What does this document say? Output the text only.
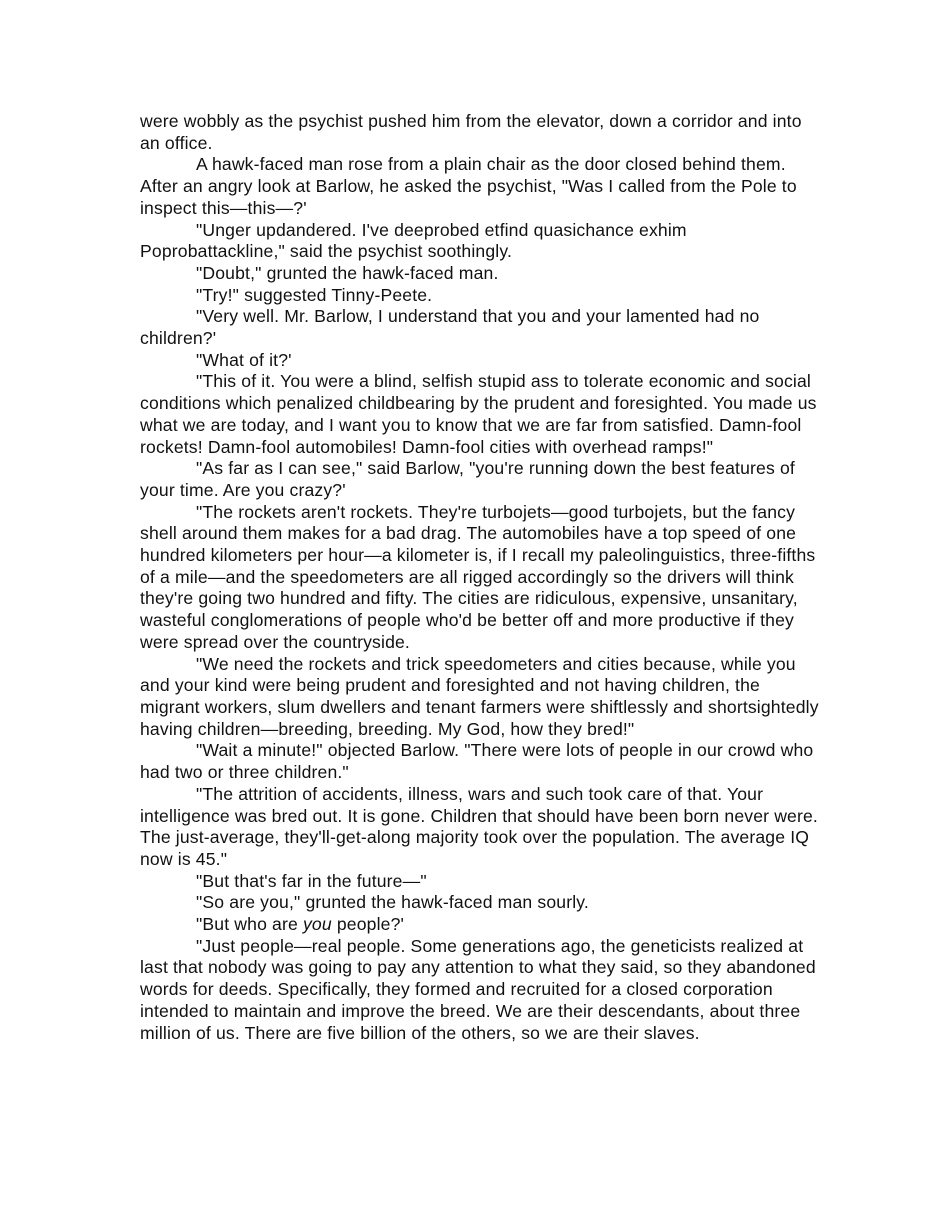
were wobbly as the psychist pushed him from the elevator, down a corridor and into an office.

A hawk-faced man rose from a plain chair as the door closed behind them. After an angry look at Barlow, he asked the psychist, "Was I called from the Pole to inspect this—this—?'

"Unger updandered. I've deeprobed etfind quasichance exhim Poprobattackline," said the psychist soothingly.

"Doubt," grunted the hawk-faced man.

"Try!" suggested Tinny-Peete.

"Very well. Mr. Barlow, I understand that you and your lamented had no children?'

"What of it?'

"This of it. You were a blind, selfish stupid ass to tolerate economic and social conditions which penalized childbearing by the prudent and foresighted. You made us what we are today, and I want you to know that we are far from satisfied. Damn-fool rockets! Damn-fool automobiles! Damn-fool cities with overhead ramps!"

"As far as I can see," said Barlow, "you're running down the best features of your time. Are you crazy?'

"The rockets aren't rockets. They're turbojets—good turbojets, but the fancy shell around them makes for a bad drag. The automobiles have a top speed of one hundred kilometers per hour—a kilometer is, if I recall my paleolinguistics, three-fifths of a mile—and the speedometers are all rigged accordingly so the drivers will think they're going two hundred and fifty. The cities are ridiculous, expensive, unsanitary, wasteful conglomerations of people who'd be better off and more productive if they were spread over the countryside.

"We need the rockets and trick speedometers and cities because, while you and your kind were being prudent and foresighted and not having children, the migrant workers, slum dwellers and tenant farmers were shiftlessly and shortsightedly having children—breeding, breeding. My God, how they bred!"

"Wait a minute!" objected Barlow. "There were lots of people in our crowd who had two or three children."

"The attrition of accidents, illness, wars and such took care of that. Your intelligence was bred out. It is gone. Children that should have been born never were. The just-average, they'll-get-along majority took over the population. The average IQ now is 45."

"But that's far in the future—"

"So are you," grunted the hawk-faced man sourly.

"But who are you people?'

"Just people—real people. Some generations ago, the geneticists realized at last that nobody was going to pay any attention to what they said, so they abandoned words for deeds. Specifically, they formed and recruited for a closed corporation intended to maintain and improve the breed. We are their descendants, about three million of us. There are five billion of the others, so we are their slaves.
